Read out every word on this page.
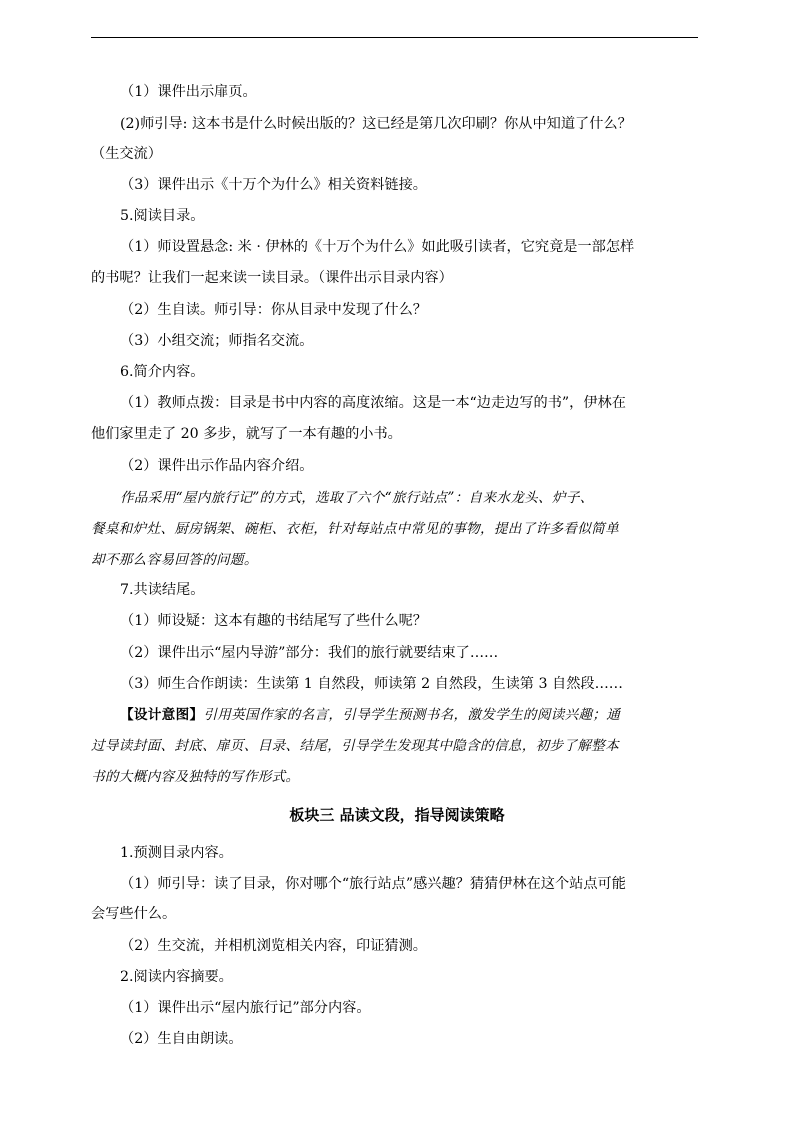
（1）课件出示扉页。
(2)师引导: 这本书是什么时候出版的？这已经是第几次印刷？你从中知道了什么？
（生交流）
（3）课件出示《十万个为什么》相关资料链接。
5.阅读目录。
（1）师设置悬念: 米 · 伊林的《十万个为什么》如此吸引读者，它究竟是一部怎样
的书呢？让我们一起来读一读目录。（课件出示目录内容）
（2）生自读。师引导：你从目录中发现了什么？
（3）小组交流；师指名交流。
6.简介内容。
（1）教师点拨：目录是书中内容的高度浓缩。这是一本“边走边写的书”，伊林在
他们家里走了 20 多步，就写了一本有趣的小书。
（2）课件出示作品内容介绍。
作品采用“屋内旅行记”的方式，选取了六个“旅行站点”：自来水龙头、炉子、
餐桌和炉灶、厨房锅架、碗柜、衣柜，针对每站点中常见的事物，提出了许多看似简单
却不那么容易回答的问题。
7.共读结尾。
（1）师设疑：这本有趣的书结尾写了些什么呢？
（2）课件出示“屋内导游”部分：我们的旅行就要结束了……
（3）师生合作朗读：生读第 1 自然段，师读第 2 自然段，生读第 3 自然段……
【设计意图】引用英国作家的名言，引导学生预测书名，激发学生的阅读兴趣；通
过导读封面、封底、扉页、目录、结尾，引导学生发现其中隐含的信息，初步了解整本
书的大概内容及独特的写作形式。
板块三 品读文段，指导阅读策略
1.预测目录内容。
（1）师引导：读了目录，你对哪个“旅行站点”感兴趣？猜猜伊林在这个站点可能
会写些什么。
（2）生交流，并相机浏览相关内容，印证猜测。
2.阅读内容摘要。
（1）课件出示“屋内旅行记”部分内容。
（2）生自由朗读。
